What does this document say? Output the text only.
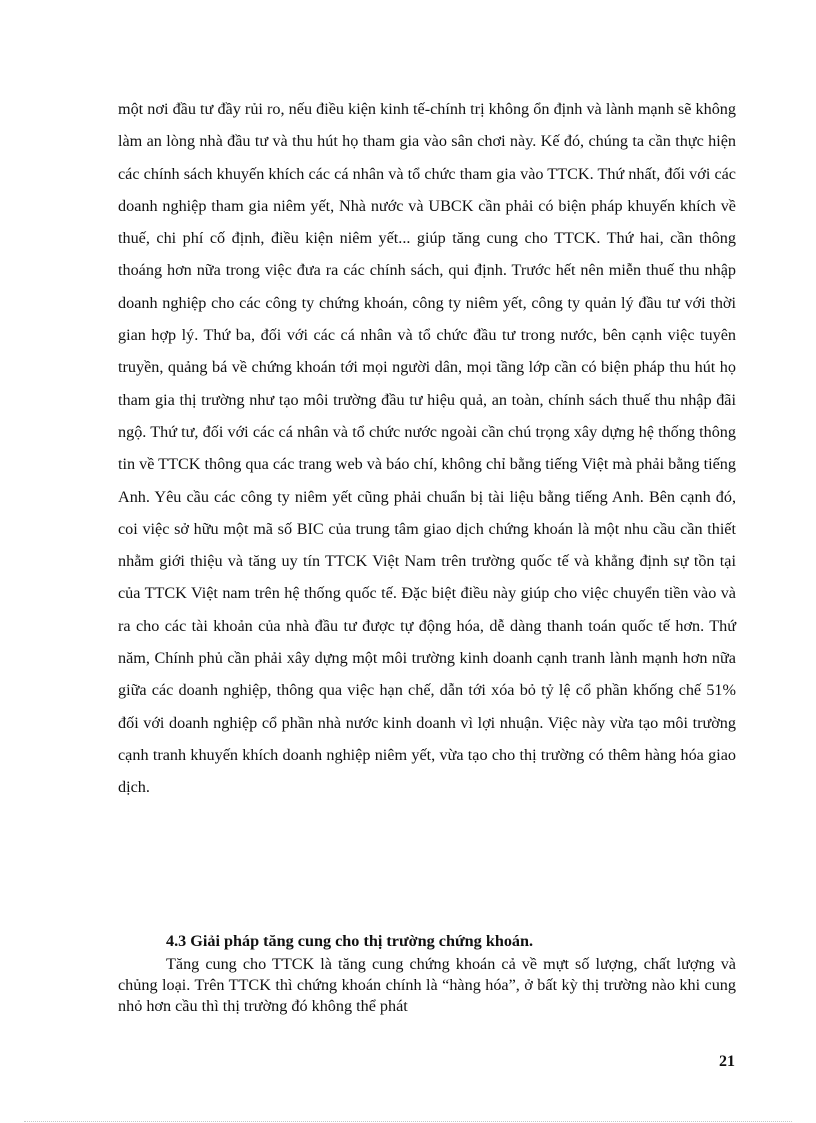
một nơi đầu tư đầy rủi ro, nếu điều kiện kinh tế-chính trị không ổn định và lành mạnh sẽ không làm an lòng nhà đầu tư và thu hút họ tham gia vào sân chơi này. Kế đó, chúng ta cần thực hiện các chính sách khuyến khích các cá nhân và tổ chức tham gia vào TTCK. Thứ nhất, đối với các doanh nghiệp tham gia niêm yết, Nhà nước và UBCK cần phải có biện pháp khuyến khích về thuế, chi phí cố định, điều kiện niêm yết... giúp tăng cung cho TTCK. Thứ hai, cần thông thoáng hơn nữa trong việc đưa ra các chính sách, qui định. Trước hết nên miễn thuế thu nhập doanh nghiệp cho các công ty chứng khoán, công ty niêm yết, công ty quản lý đầu tư với thời gian hợp lý. Thứ ba, đối với các cá nhân và tổ chức đầu tư trong nước, bên cạnh việc tuyên truyền, quảng bá về chứng khoán tới mọi người dân, mọi tầng lớp cần có biện pháp thu hút họ tham gia thị trường như tạo môi trường đầu tư hiệu quả, an toàn, chính sách thuế thu nhập đãi ngộ. Thứ tư, đối với các cá nhân và tổ chức nước ngoài cần chú trọng xây dựng hệ thống thông tin về TTCK thông qua các trang web và báo chí, không chỉ bằng tiếng Việt mà phải bằng tiếng Anh. Yêu cầu các công ty niêm yết cũng phải chuẩn bị tài liệu bằng tiếng Anh. Bên cạnh đó, coi việc sở hữu một mã số BIC của trung tâm giao dịch chứng khoán là một nhu cầu cần thiết nhằm giới thiệu và tăng uy tín TTCK Việt Nam trên trường quốc tế và khẳng định sự tồn tại của TTCK Việt nam trên hệ thống quốc tế. Đặc biệt điều này giúp cho việc chuyển tiền vào và ra cho các tài khoản của nhà đầu tư được tự động hóa, dễ dàng thanh toán quốc tế hơn. Thứ năm, Chính phủ cần phải xây dựng một môi trường kinh doanh cạnh tranh lành mạnh hơn nữa giữa các doanh nghiệp, thông qua việc hạn chế, dẫn tới xóa bỏ tỷ lệ cổ phần khống chế 51% đối với doanh nghiệp cổ phần nhà nước kinh doanh vì lợi nhuận. Việc này vừa tạo môi trường cạnh tranh khuyến khích doanh nghiệp niêm yết, vừa tạo cho thị trường có thêm hàng hóa giao dịch.

4.3 Giải pháp tăng cung cho thị trường chứng khoán.

Tăng cung cho TTCK là tăng cung chứng khoán cả về mựt số lượng, chất lượng và chủng loại. Trên TTCK thì chứng khoán chính là “hàng hóa”, ở bất kỳ thị trường nào khi cung nhỏ hơn cầu thì thị trường đó không thể phát

21
